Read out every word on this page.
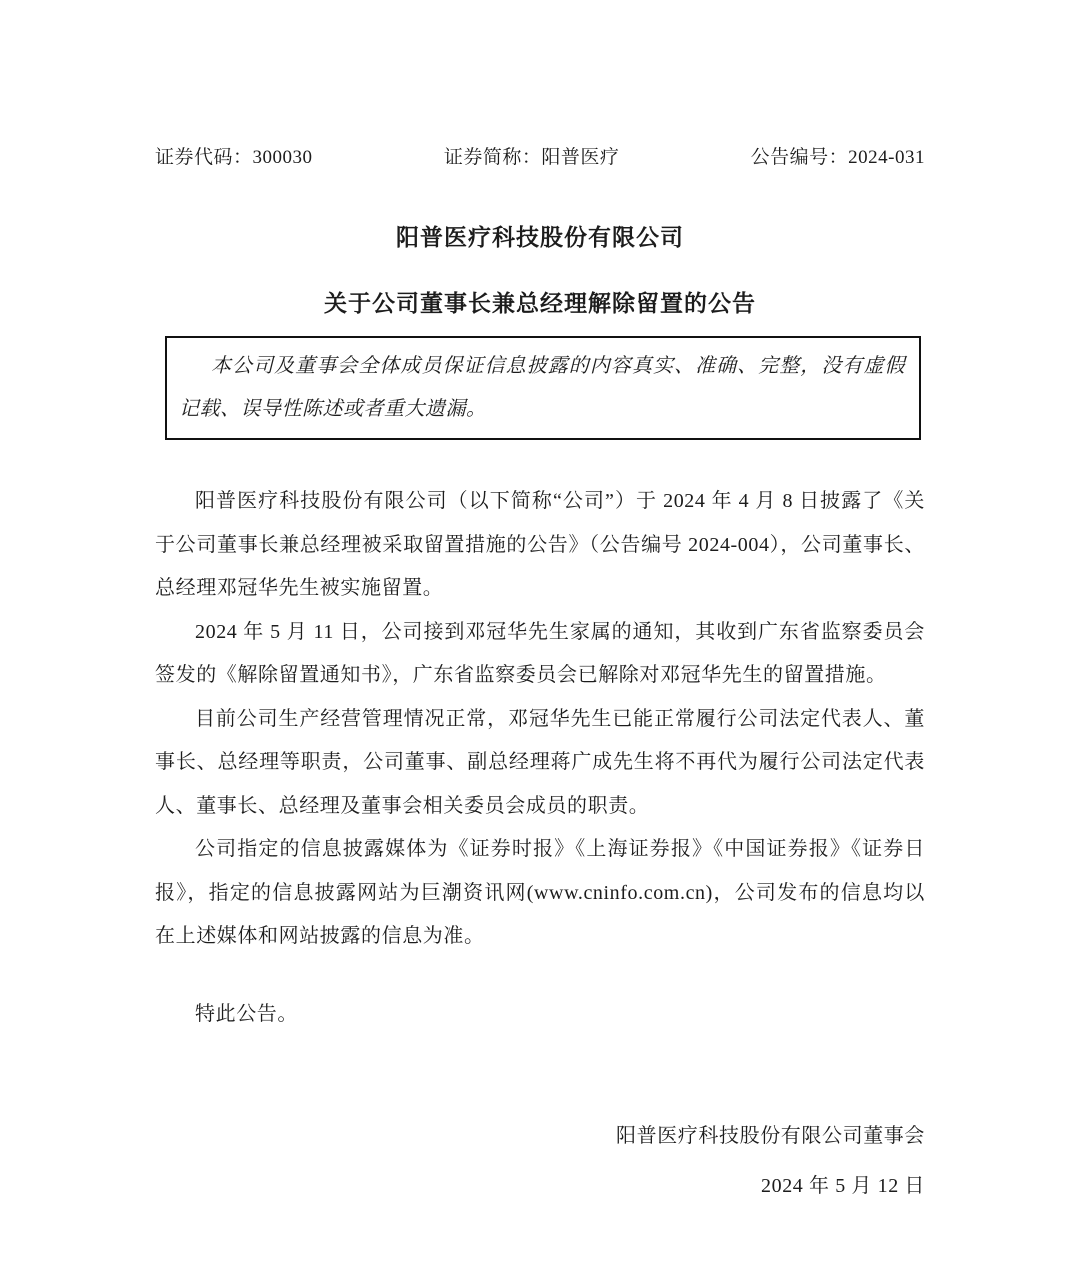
证券代码：300030	证券简称：阳普医疗	公告编号：2024-031
阳普医疗科技股份有限公司
关于公司董事长兼总经理解除留置的公告

本公司及董事会全体成员保证信息披露的内容真实、准确、完整，没有虚假记载、误导性陈述或者重大遗漏。

阳普医疗科技股份有限公司（以下简称“公司”）于 2024 年 4 月 8 日披露了《关于公司董事长兼总经理被采取留置措施的公告》（公告编号 2024-004），公司董事长、总经理邓冠华先生被实施留置。

2024 年 5 月 11 日，公司接到邓冠华先生家属的通知，其收到广东省监察委员会签发的《解除留置通知书》，广东省监察委员会已解除对邓冠华先生的留置措施。

目前公司生产经营管理情况正常，邓冠华先生已能正常履行公司法定代表人、董事长、总经理等职责，公司董事、副总经理蒋广成先生将不再代为履行公司法定代表人、董事长、总经理及董事会相关委员会成员的职责。

公司指定的信息披露媒体为《证券时报》《上海证券报》《中国证券报》《证券日报》，指定的信息披露网站为巨潮资讯网(www.cninfo.com.cn)，公司发布的信息均以在上述媒体和网站披露的信息为准。

特此公告。

阳普医疗科技股份有限公司董事会

2024 年 5 月 12 日
